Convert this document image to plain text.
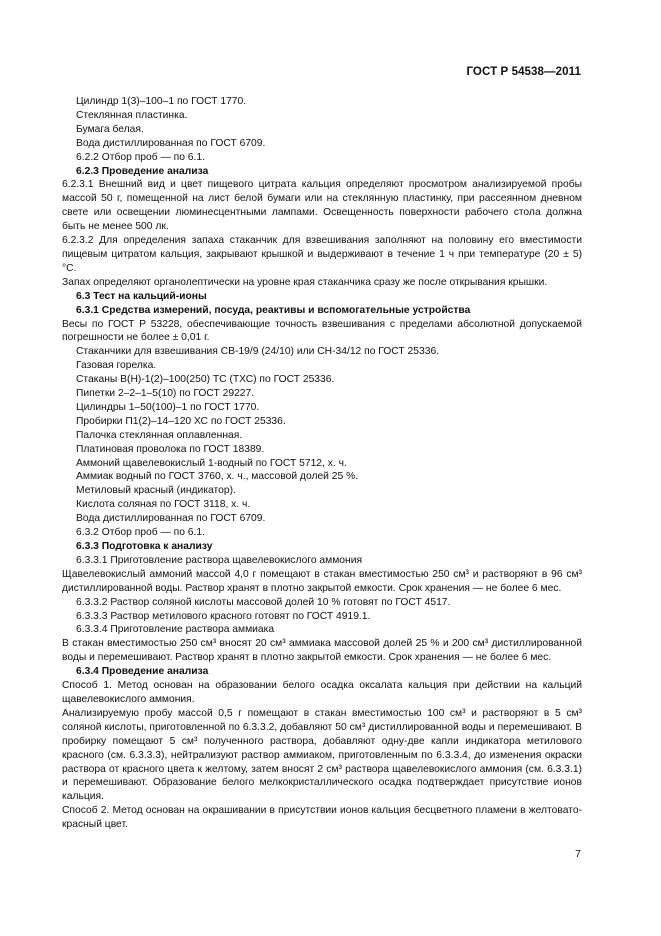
ГОСТ Р 54538—2011

Цилиндр 1(3)–100–1 по ГОСТ 1770.

Стеклянная пластинка.

Бумага белая.

Вода дистиллированная по ГОСТ 6709.

6.2.2 Отбор проб — по 6.1.

6.2.3 Проведение анализа

6.2.3.1 Внешний вид и цвет пищевого цитрата кальция определяют просмотром анализируемой пробы массой 50 г, помещенной на лист белой бумаги или на стеклянную пластинку, при рассеянном дневном свете или освещении люминесцентными лампами. Освещенность поверхности рабочего стола должна быть не менее 500 лк.

6.2.3.2 Для определения запаха стаканчик для взвешивания заполняют на половину его вместимости пищевым цитратом кальция, закрывают крышкой и выдерживают в течение 1 ч при температуре (20 ± 5) °С.

Запах определяют органолептически на уровне края стаканчика сразу же после открывания крышки.

6.3 Тест на кальций-ионы

6.3.1 Средства измерений, посуда, реактивы и вспомогательные устройства

Весы по ГОСТ Р 53228, обеспечивающие точность взвешивания с пределами абсолютной допускаемой погрешности не более ± 0,01 г.

Стаканчики для взвешивания СВ-19/9 (24/10) или СН-34/12 по ГОСТ 25336.

Газовая горелка.

Стаканы В(Н)-1(2)–100(250) ТС (ТХС) по ГОСТ 25336.

Пипетки 2–2–1–5(10) по ГОСТ 29227.

Цилиндры 1–50(100)–1 по ГОСТ 1770.

Пробирки П1(2)–14–120 ХС по ГОСТ 25336.

Палочка стеклянная оплавленная.

Платиновая проволока по ГОСТ 18389.

Аммоний щавелевокислый 1-водный по ГОСТ 5712, х. ч.

Аммиак водный по ГОСТ 3760, х. ч., массовой долей 25 %.

Метиловый красный (индикатор).

Кислота соляная по ГОСТ 3118, х. ч.

Вода дистиллированная по ГОСТ 6709.

6.3.2 Отбор проб — по 6.1.

6.3.3 Подготовка к анализу

6.3.3.1 Приготовление раствора щавелевокислого аммония

Щавелевокислый аммоний массой 4,0 г помещают в стакан вместимостью 250 см³ и растворяют в 96 см³ дистиллированной воды. Раствор хранят в плотно закрытой емкости. Срок хранения — не более 6 мес.

6.3.3.2 Раствор соляной кислоты массовой долей 10 % готовят по ГОСТ 4517.

6.3.3.3 Раствор метилового красного готовят по ГОСТ 4919.1.

6.3.3.4 Приготовление раствора аммиака

В стакан вместимостью 250 см³ вносят 20 см³ аммиака массовой долей 25 % и 200 см³ дистиллированной воды и перемешивают. Раствор хранят в плотно закрытой емкости. Срок хранения — не более 6 мес.

6.3.4 Проведение анализа

Способ 1. Метод основан на образовании белого осадка оксалата кальция при действии на кальций щавелевокислого аммония.

Анализируемую пробу массой 0,5 г помещают в стакан вместимостью 100 см³ и растворяют в 5 см³ соляной кислоты, приготовленной по 6.3.3.2, добавляют 50 см³ дистиллированной воды и перемешивают. В пробирку помещают 5 см³ полученного раствора, добавляют одну-две капли индикатора метилового красного (см. 6.3.3.3), нейтрализуют раствор аммиаком, приготовленным по 6.3.3.4, до изменения окраски раствора от красного цвета к желтому, затем вносят 2 см³ раствора щавелевокислого аммония (см. 6.3.3.1) и перемешивают. Образование белого мелкокристаллического осадка подтверждает присутствие ионов кальция.

Способ 2. Метод основан на окрашивании в присутствии ионов кальция бесцветного пламени в желтовато-красный цвет.

7
